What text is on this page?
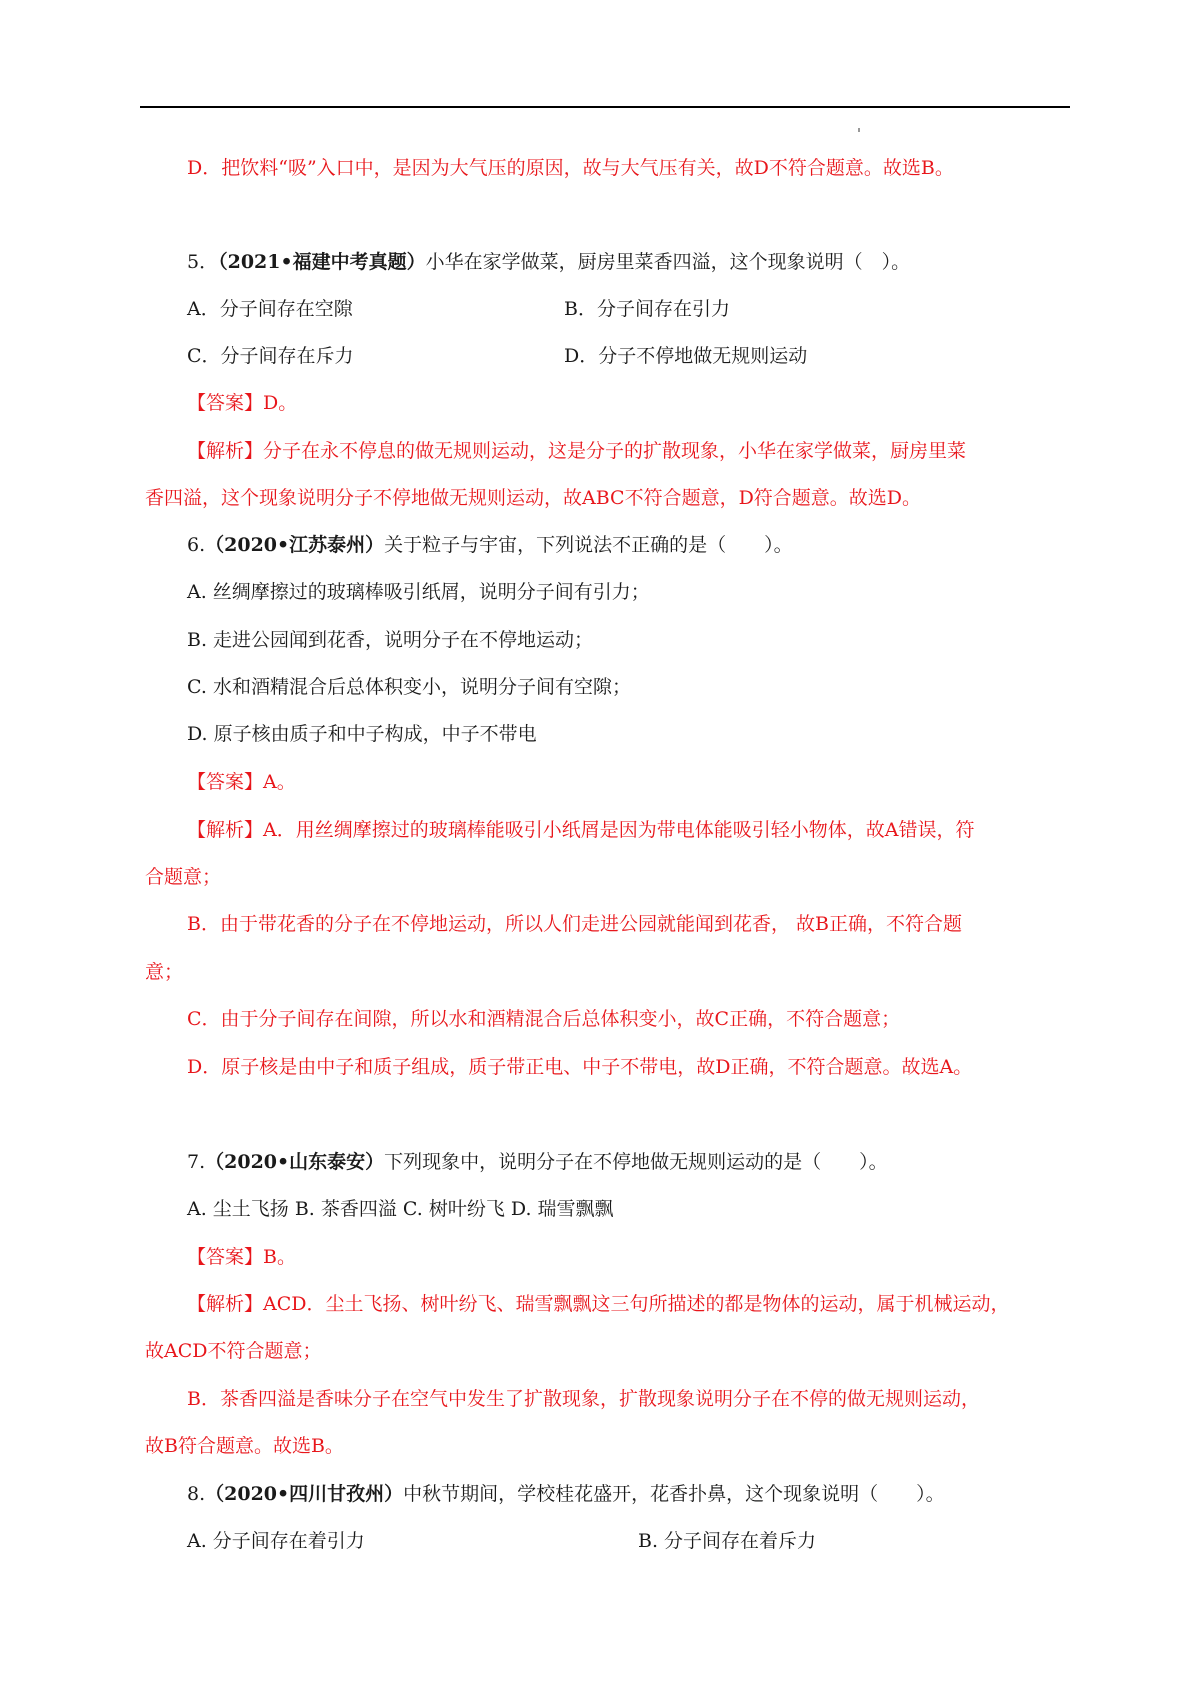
D．把饮料“吸”入口中，是因为大气压的原因，故与大气压有关，故D不符合题意。故选B。
5．（2021•福建中考真题）小华在家学做菜，厨房里菜香四溢，这个现象说明（　）。
A．分子间存在空隙	B．分子间存在引力
C．分子间存在斥力	D．分子不停地做无规则运动
【答案】D。
【解析】分子在永不停息的做无规则运动，这是分子的扩散现象，小华在家学做菜，厨房里菜
香四溢，这个现象说明分子不停地做无规则运动，故ABC不符合题意，D符合题意。故选D。
6.（2020•江苏泰州）关于粒子与宇宙，下列说法不正确的是（　　）。
A. 丝绸摩擦过的玻璃棒吸引纸屑，说明分子间有引力；
B. 走进公园闻到花香，说明分子在不停地运动；
C. 水和酒精混合后总体积变小，说明分子间有空隙；
D. 原子核由质子和中子构成，中子不带电
【答案】A。
【解析】A．用丝绸摩擦过的玻璃棒能吸引小纸屑是因为带电体能吸引轻小物体，故A错误，符
合题意；
B．由于带花香的分子在不停地运动，所以人们走进公园就能闻到花香， 故B正确，不符合题
意；
C．由于分子间存在间隙，所以水和酒精混合后总体积变小，故C正确，不符合题意；
D．原子核是由中子和质子组成，质子带正电、中子不带电，故D正确，不符合题意。故选A。
7.（2020•山东泰安）下列现象中，说明分子在不停地做无规则运动的是（　　）。
A. 尘土飞扬 B. 茶香四溢 C. 树叶纷飞 D. 瑞雪飘飘
【答案】B。
【解析】ACD．尘土飞扬、树叶纷飞、瑞雪飘飘这三句所描述的都是物体的运动，属于机械运动，
故ACD不符合题意；
B．茶香四溢是香味分子在空气中发生了扩散现象，扩散现象说明分子在不停的做无规则运动，
故B符合题意。故选B。
8.（2020•四川甘孜州）中秋节期间，学校桂花盛开，花香扑鼻，这个现象说明（　　）。
A. 分子间存在着引力	B. 分子间存在着斥力
